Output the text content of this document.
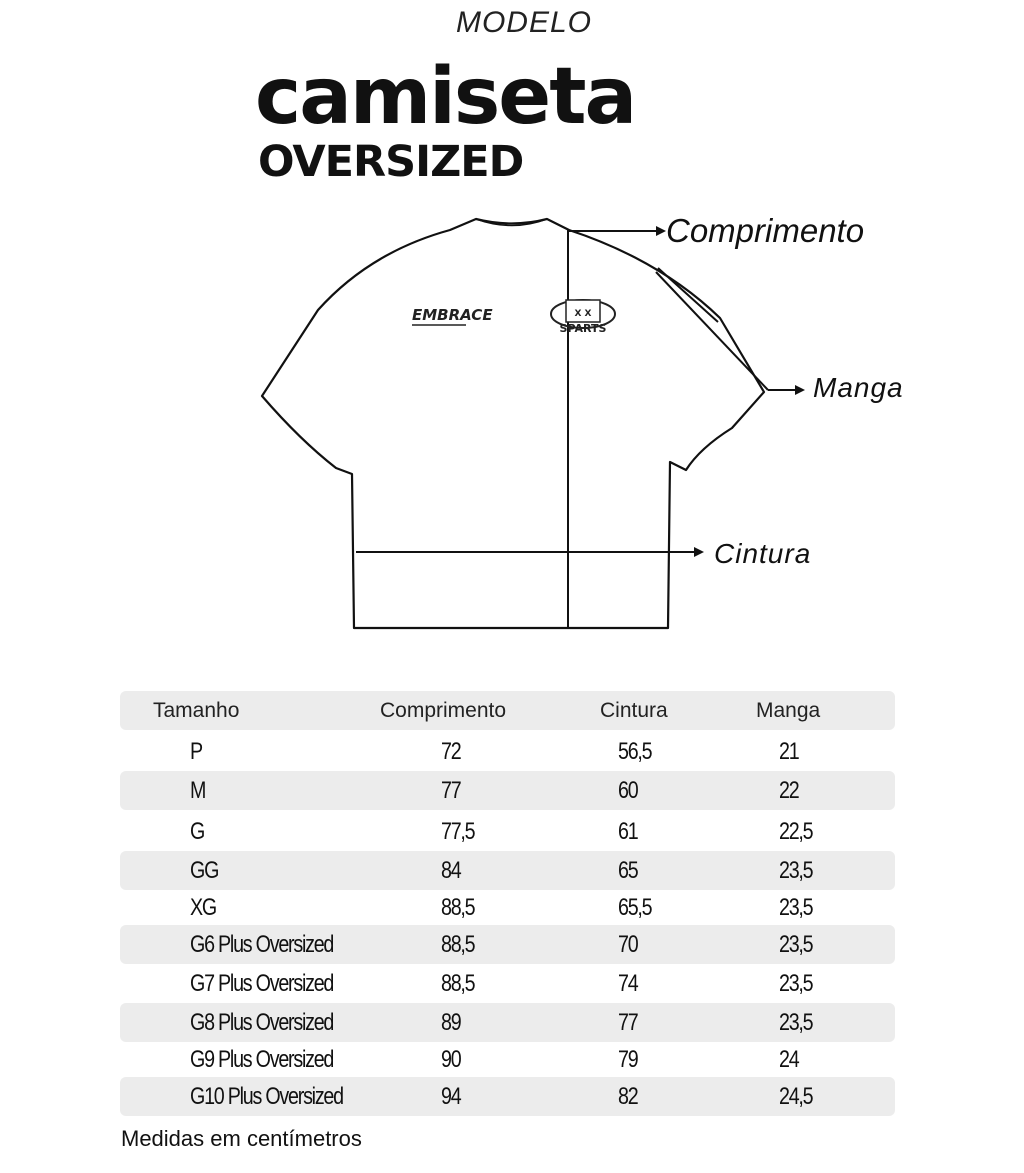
MODELO
camiseta
OVERSIZED
EMBRACE	X X
SPARTS
Comprimento
Manga
Cintura
Tamanho	Comprimento	Cintura	Manga
P	72	56,5	21
M	77	60	22
G	77,5	61	22,5
GG	84	65	23,5
XG	88,5	65,5	23,5
G6 Plus Oversized	88,5	70	23,5
G7 Plus Oversized	88,5	74	23,5
G8 Plus Oversized	89	77	23,5
G9 Plus Oversized	90	79	24
G10 Plus Oversized	94	82	24,5
Medidas em centímetros
